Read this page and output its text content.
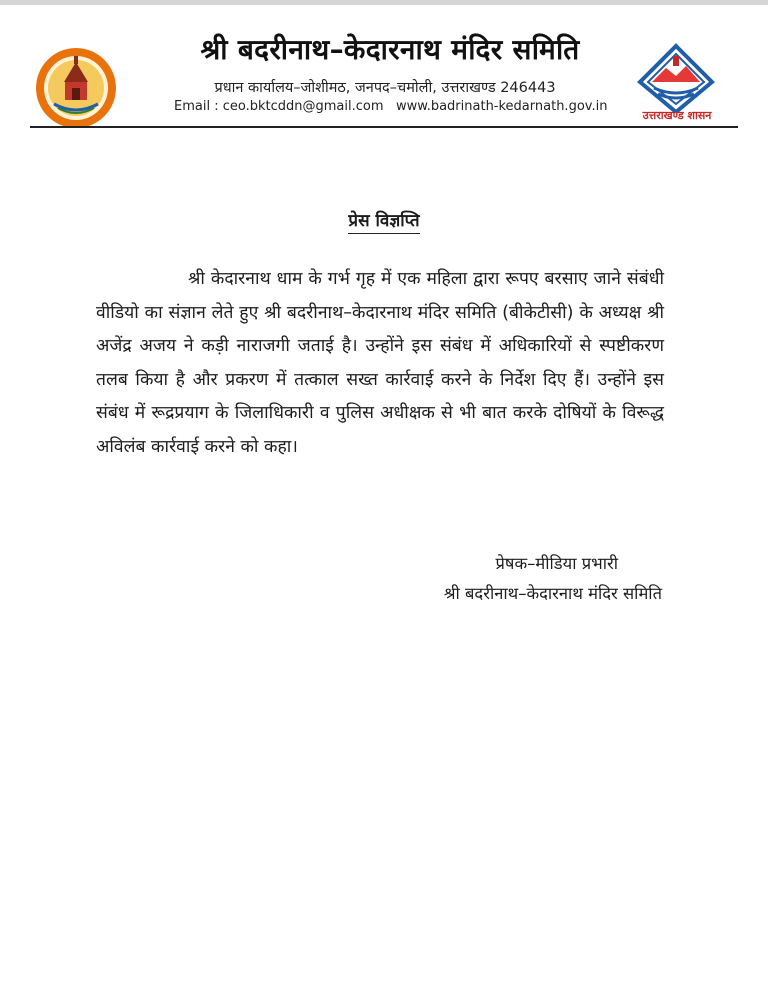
श्री बदरीनाथ–केदारनाथ मंदिर समिति
प्रधान कार्यालय–जोशीमठ, जनपद–चमोली, उत्तराखण्ड 246443
Email : ceo.bktcddn@gmail.com www.badrinath-kedarnath.gov.in
उत्तराखण्ड शासन
प्रेस विज्ञप्ति
श्री केदारनाथ धाम के गर्भ गृह में एक महिला द्वारा रूपए बरसाए जाने संबंधी वीडियो का संज्ञान लेते हुए श्री बदरीनाथ–केदारनाथ मंदिर समिति (बीकेटीसी) के अध्यक्ष श्री अजेंद्र अजय ने कड़ी नाराजगी जताई है। उन्होंने इस संबंध में अधिकारियों से स्पष्टीकरण तलब किया है और प्रकरण में तत्काल सख्त कार्रवाई करने के निर्देश दिए हैं। उन्होंने इस संबंध में रूद्रप्रयाग के जिलाधिकारी व पुलिस अधीक्षक से भी बात करके दोषियों के विरूद्ध अविलंब कार्रवाई करने को कहा।
प्रेषक–मीडिया प्रभारी
श्री बदरीनाथ–केदारनाथ मंदिर समिति
